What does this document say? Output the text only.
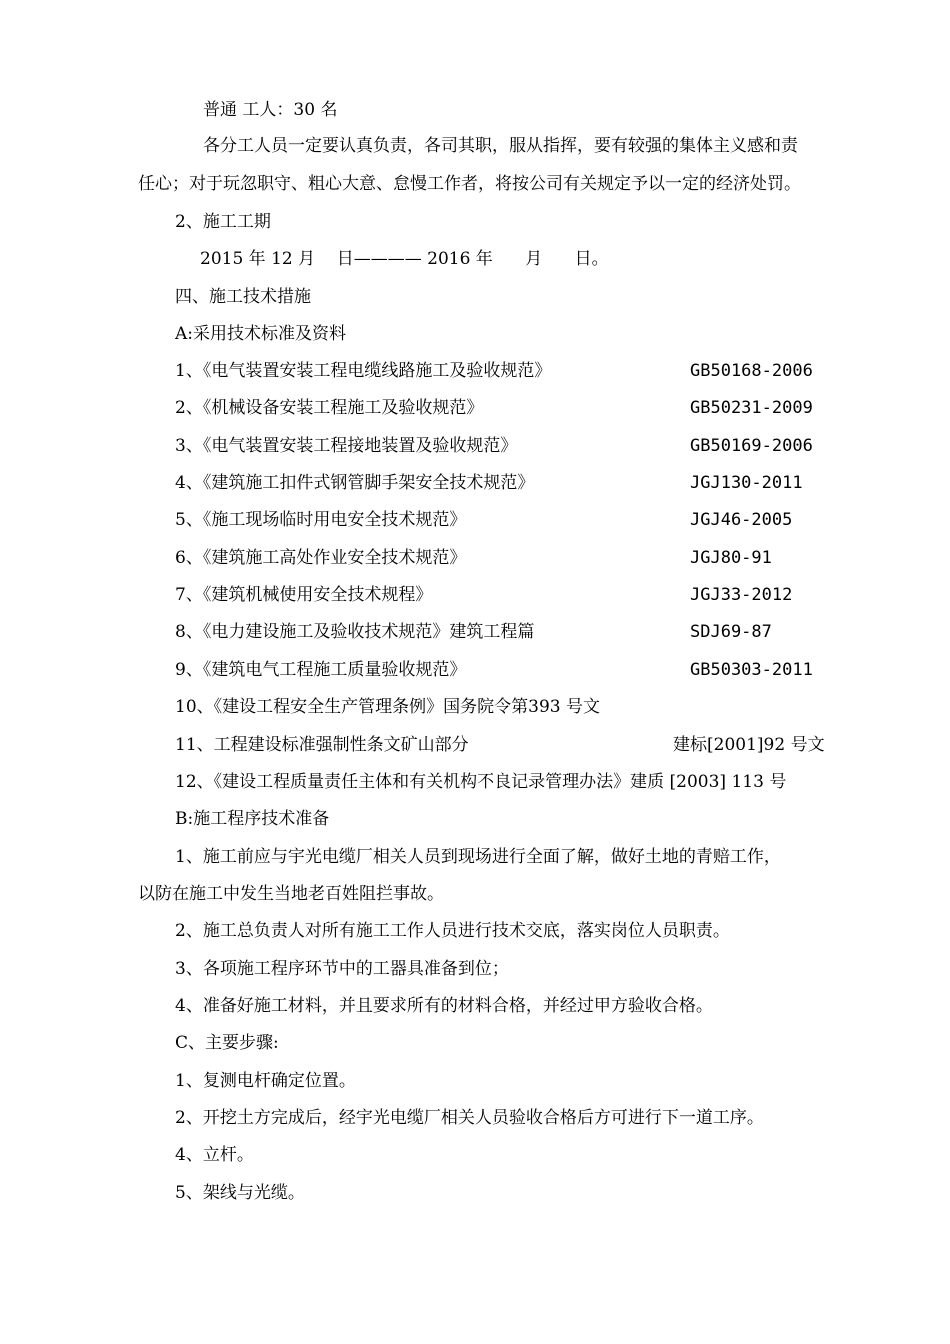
普通 工人：30 名

各分工人员一定要认真负责，各司其职，服从指挥，要有较强的集体主义感和责

任心；对于玩忽职守、粗心大意、怠慢工作者，将按公司有关规定予以一定的经济处罚。

2、施工工期

2015 年 12 月    日———— 2016 年      月      日。

四、施工技术措施

A:采用技术标准及资料

1、《电气装置安装工程电缆线路施工及验收规范》	GB50168-2006

2、《机械设备安装工程施工及验收规范》	GB50231-2009

3、《电气装置安装工程接地装置及验收规范》	GB50169-2006

4、《建筑施工扣件式钢管脚手架安全技术规范》	JGJ130-2011

5、《施工现场临时用电安全技术规范》	JGJ46-2005

6、《建筑施工高处作业安全技术规范》	JGJ80-91

7、《建筑机械使用安全技术规程》	JGJ33-2012

8、《电力建设施工及验收技术规范》建筑工程篇	SDJ69-87

9、《建筑电气工程施工质量验收规范》	GB50303-2011

10、《建设工程安全生产管理条例》国务院令第393 号文

11、工程建设标准强制性条文矿山部分	建标[2001]92 号文

12、《建设工程质量责任主体和有关机构不良记录管理办法》建质 [2003] 113 号

B:施工程序技术准备

1、施工前应与宇光电缆厂相关人员到现场进行全面了解，做好土地的青赔工作，

以防在施工中发生当地老百姓阻拦事故。

2、施工总负责人对所有施工工作人员进行技术交底，落实岗位人员职责。

3、各项施工程序环节中的工器具准备到位；

4、准备好施工材料，并且要求所有的材料合格，并经过甲方验收合格。

C、主要步骤:

1、复测电杆确定位置。

2、开挖土方完成后，经宇光电缆厂相关人员验收合格后方可进行下一道工序。

4、立杆。

5、架线与光缆。
